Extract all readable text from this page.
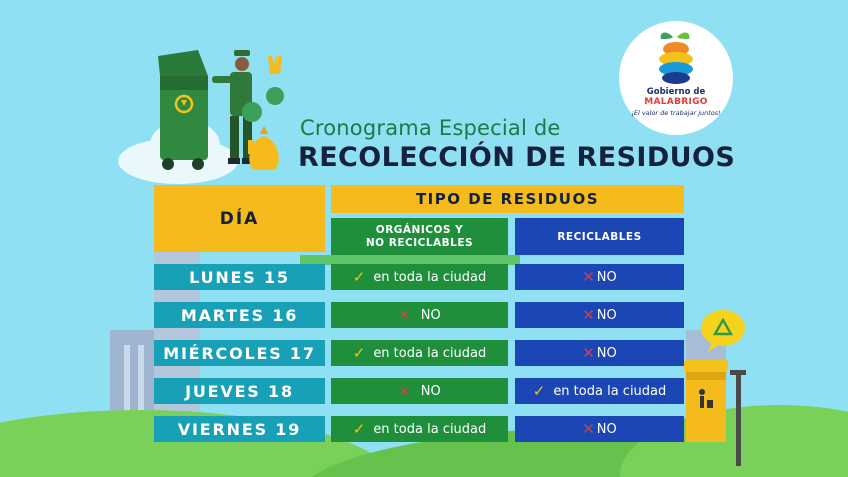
Cronograma Especial de
RECOLECCIÓN DE RESIDUOS
Gobierno de
MALABRIGO
¡El valor de trabajar juntos!
DÍA
TIPO DE RESIDUOS
ORGÁNICOS Y NO RECICLABLES	RECICLABLES
LUNES 15	✓ en toda la ciudad	✕ NO
MARTES 16	✕ NO	✕ NO
MIÉRCOLES 17 ✓ en toda la ciudad	✕ NO
JUEVES 18	✕ NO	✓ en toda la ciudad
VIERNES 19	✓ en toda la ciudad	✕ NO
